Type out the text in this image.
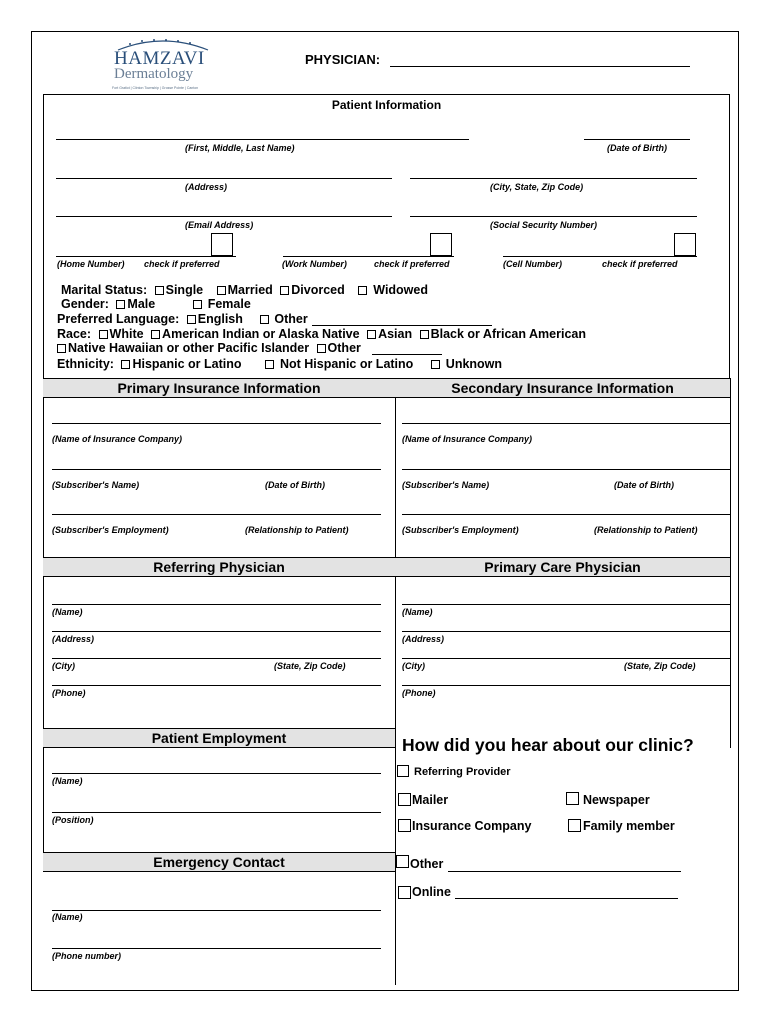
HAMZAVI
Dermatology
Fort Gratiot | Clinton Township | Grosse Pointe | Canton
PHYSICIAN:
Patient Information
(First, Middle, Last Name)	(Date of Birth)
(Address)	(City, State, Zip Code)
(Email Address)	(Social Security Number)
(Home Number) check if preferred	(Work Number)	check if preferred	(Cell Number)	check if preferred
Marital Status: Single Married Divorced Widowed
Gender: Male	Female
Preferred Language: English	Other
Race: White American Indian or Alaska Native Asian Black or African American
Native Hawaiian or other Pacific Islander Other
Ethnicity: Hispanic or Latino	Not Hispanic or Latino	Unknown
Primary Insurance Information	Secondary Insurance Information
(Name of Insurance Company)
(Subscriber's Name)	(Date of Birth)
(Subscriber's Employment)	(Relationship to Patient)
(Name of Insurance Company)
(Subscriber's Name)	(Date of Birth)
(Subscriber's Employment)	(Relationship to Patient)
Referring Physician	Primary Care Physician
(Name)
(Address)
(City)	(State, Zip Code)
(Phone)
(Name)
(Address)
(City)	(State, Zip Code)
(Phone)
Patient Employment
(Name)
(Position)
Emergency Contact
(Name)
(Phone number)
How did you hear about our clinic?
Referring Provider
Mailer	Newspaper
Insurance Company	Family member
Other
Online
